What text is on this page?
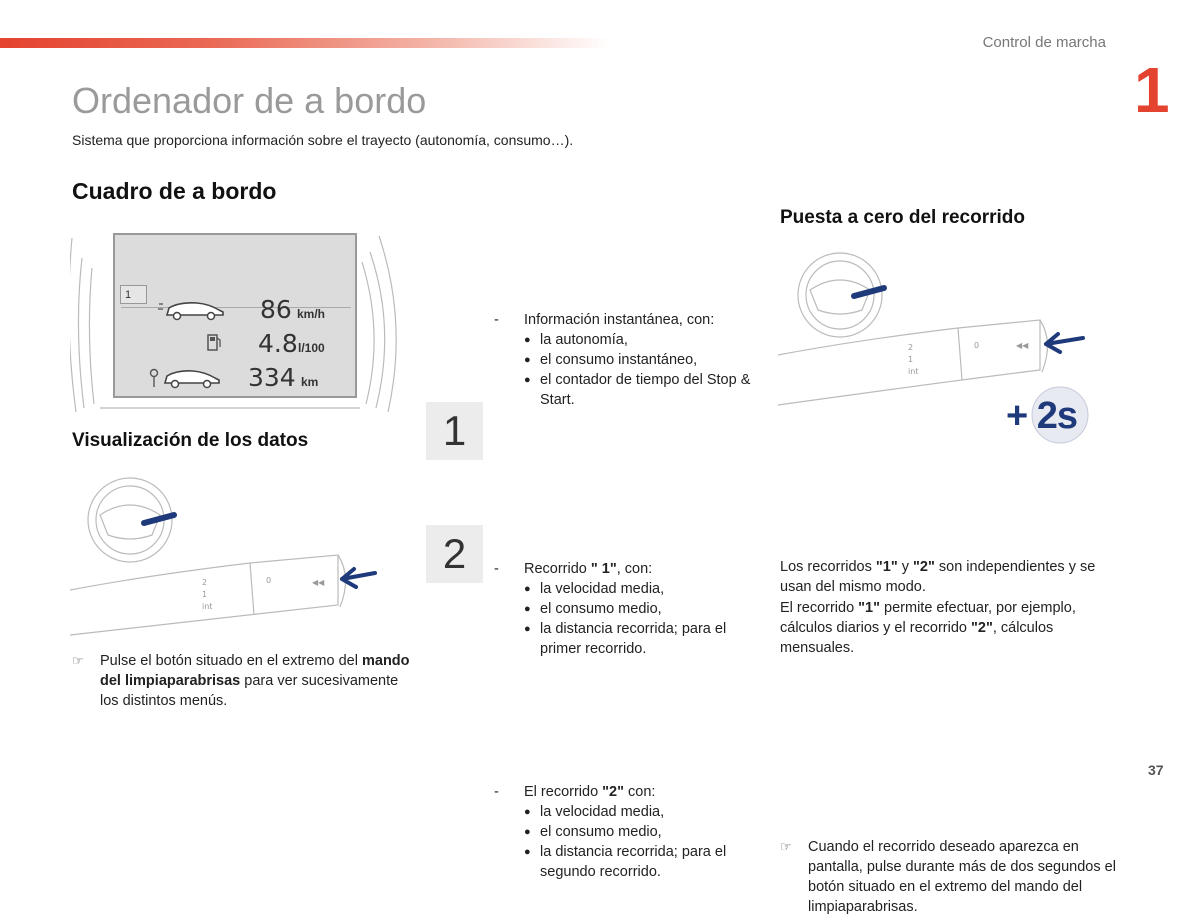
Control de marcha
1
Ordenador de a bordo
Sistema que proporciona información sobre el trayecto (autonomía, consumo…).
Cuadro de a bordo
1	86 km/h
4.8 l/100
334 km
Visualización de los datos
2
1
int
0	◀◀
☞ Pulse el botón situado en el extremo del mando del limpiaparabrisas para ver sucesivamente los distintos menús.
- Información instantánea, con:
● la autonomía,
● el consumo instantáneo,
● el contador de tiempo del Stop & Start.
1
- Recorrido " 1", con:
● la velocidad media,
● el consumo medio,
● la distancia recorrida; para el primer recorrido.
2
- El recorrido "2" con:
● la velocidad media,
● el consumo medio,
● la distancia recorrida; para el segundo recorrido.
Puesta a cero del recorrido
2
1
int
0	◀◀
+ 2s
☞ Cuando el recorrido deseado aparezca en pantalla, pulse durante más de dos segundos el botón situado en el extremo del mando del limpiaparabrisas.
Los recorridos "1" y "2" son independientes y se usan del mismo modo.
El recorrido "1" permite efectuar, por ejemplo, cálculos diarios y el recorrido "2", cálculos mensuales.
37
